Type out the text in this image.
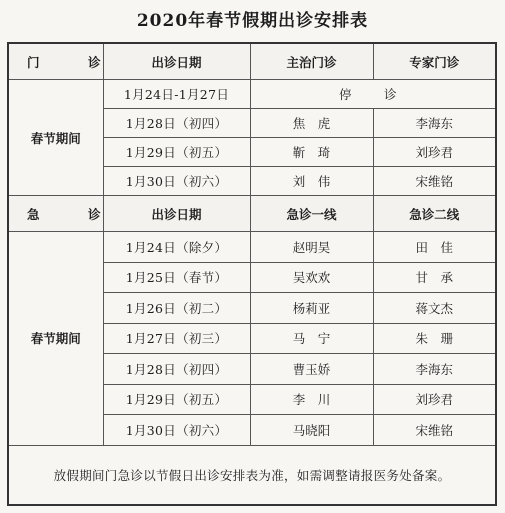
2020年春节假期出诊安排表
门　诊	出诊日期	主治门诊	专家门诊
春节期间	1月24日-1月27日	停　诊	
	1月28日（初四）	焦　虎	李海东
	1月29日（初五）	靳　琦	刘珍君
	1月30日（初六）	刘　伟	宋维铭
急　诊	出诊日期	急诊一线	急诊二线
春节期间	1月24日（除夕）	赵明昊	田　佳
	1月25日（春节）	吴欢欢	甘　承
	1月26日（初二）	杨莉亚	蒋文杰
	1月27日（初三）	马　宁	朱　珊
	1月28日（初四）	曹玉娇	李海东
	1月29日（初五）	李　川	刘珍君
	1月30日（初六）	马晓阳	宋维铭
放假期间门急诊以节假日出诊安排表为准，如需调整请报医务处备案。			
